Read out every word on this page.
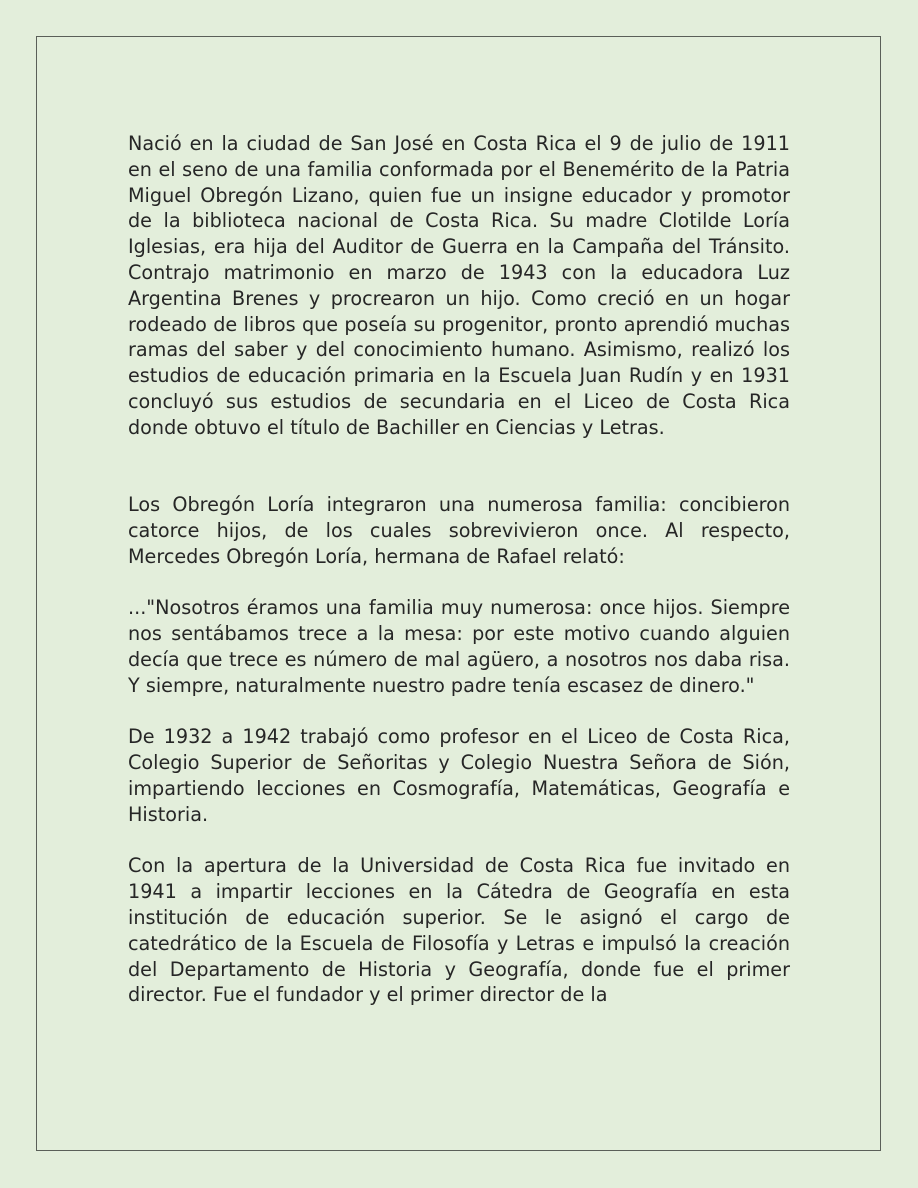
Nació en la ciudad de San José en Costa Rica el 9 de julio de 1911 en el seno de una familia conformada por el Benemérito de la Patria Miguel Obregón Lizano, quien fue un insigne educador y promotor de la biblioteca nacional de Costa Rica. Su madre Clotilde Loría Iglesias, era hija del Auditor de Guerra en la Campaña del Tránsito. Contrajo matrimonio en marzo de 1943 con la educadora Luz Argentina Brenes y procrearon un hijo. Como creció en un hogar rodeado de libros que poseía su progenitor, pronto aprendió muchas ramas del saber y del conocimiento humano. Asimismo, realizó los estudios de educación primaria en la Escuela Juan Rudín y en 1931 concluyó sus estudios de secundaria en el Liceo de Costa Rica donde obtuvo el título de Bachiller en Ciencias y Letras.

Los Obregón Loría integraron una numerosa familia: concibieron catorce hijos, de los cuales sobrevivieron once. Al respecto, Mercedes Obregón Loría, hermana de Rafael relató:

..."Nosotros éramos una familia muy numerosa: once hijos. Siempre nos sentábamos trece a la mesa: por este motivo cuando alguien decía que trece es número de mal agüero, a nosotros nos daba risa. Y siempre, naturalmente nuestro padre tenía escasez de dinero."

De 1932 a 1942 trabajó como profesor en el Liceo de Costa Rica, Colegio Superior de Señoritas y Colegio Nuestra Señora de Sión, impartiendo lecciones en Cosmografía, Matemáticas, Geografía e Historia.

Con la apertura de la Universidad de Costa Rica fue invitado en 1941 a impartir lecciones en la Cátedra de Geografía en esta institución de educación superior. Se le asignó el cargo de catedrático de la Escuela de Filosofía y Letras e impulsó la creación del Departamento de Historia y Geografía, donde fue el primer director. Fue el fundador y el primer director de la
